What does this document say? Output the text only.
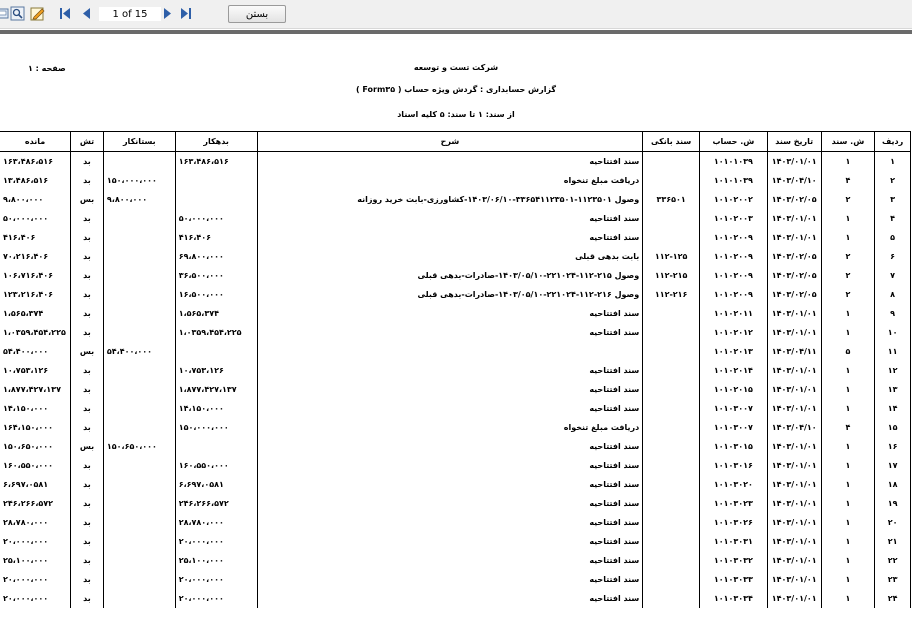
1 of 15
بستن
شرکت تست و توسعه
گزارش حسابداری : گردش ویژه حساب ( Form۳۵ )
از سند: ۱ تا سند: ۵ کلیه اسناد
صفحه : ۱
ردیف	ش. سند	تاریخ سند	ش. حساب	سند بانکی	شرح	بدهکار	بستانکار	تش	مانده
۱	۱	۱۴۰۳/۰۱/۰۱	۱۰۱۰۱۰۳۹		سند افتتاحیه	۱۶۳،۴۸۶،۵۱۶		بد	۱۶۳،۴۸۶،۵۱۶
۲	۴	۱۴۰۳/۰۴/۱۰	۱۰۱۰۱۰۳۹		دریافت مبلغ تنخواه		۱۵۰،۰۰۰،۰۰۰	بد	۱۳،۴۸۶،۵۱۶
۳	۲	۱۴۰۳/۰۲/۰۵	۱۰۱۰۲۰۰۲	۳۳۶۵۰۱	وصول ۱۱۲۳۵۰۱-۳۳۶۵۴۱۱۲۳۵۰۱-۱۴۰۳/۰۶/۱۰-کشاورزی-بابت خرید روزانه		۹،۸۰۰،۰۰۰	بس	۹،۸۰۰،۰۰۰
۴	۱	۱۴۰۳/۰۱/۰۱	۱۰۱۰۲۰۰۳		سند افتتاحیه	۵۰،۰۰۰،۰۰۰		بد	۵۰،۰۰۰،۰۰۰
۵	۱	۱۴۰۳/۰۱/۰۱	۱۰۱۰۲۰۰۹		سند افتتاحیه	۴۱۶،۴۰۶		بد	۴۱۶،۴۰۶
۶	۲	۱۴۰۳/۰۲/۰۵	۱۰۱۰۲۰۰۹	۱۱۲-۱۲۵	بابت بدهی قبلی	۶۹،۸۰۰،۰۰۰		بد	۷۰،۲۱۶،۴۰۶
۷	۲	۱۴۰۳/۰۲/۰۵	۱۰۱۰۲۰۰۹	۱۱۲-۲۱۵	وصول ۲۱۵-۱۱۲-۲۲۱۰۲۴-۱۴۰۳/۰۵/۱۰-صادرات-بدهی قبلی	۳۶،۵۰۰،۰۰۰		بد	۱۰۶،۷۱۶،۴۰۶
۸	۲	۱۴۰۳/۰۲/۰۵	۱۰۱۰۲۰۰۹	۱۱۲-۲۱۶	وصول ۲۱۶-۱۱۲-۲۲۱۰۲۴-۱۴۰۳/۰۵/۱۰-صادرات-بدهی قبلی	۱۶،۵۰۰،۰۰۰		بد	۱۲۳،۲۱۶،۴۰۶
۹	۱	۱۴۰۳/۰۱/۰۱	۱۰۱۰۲۰۱۱		سند افتتاحیه	۱،۵۶۵،۳۷۴		بد	۱،۵۶۵،۳۷۴
۱۰	۱	۱۴۰۳/۰۱/۰۱	۱۰۱۰۲۰۱۲		سند افتتاحیه	۱،۰۳۵۹،۴۵۴،۲۲۵		بد	۱،۰۳۵۹،۴۵۴،۲۲۵
۱۱	۵	۱۴۰۳/۰۴/۱۱	۱۰۱۰۲۰۱۳				۵۴،۴۰۰،۰۰۰	بس	۵۴،۴۰۰،۰۰۰
۱۲	۱	۱۴۰۳/۰۱/۰۱	۱۰۱۰۲۰۱۴		سند افتتاحیه	۱۰،۷۵۳،۱۲۶		بد	۱۰،۷۵۳،۱۲۶
۱۳	۱	۱۴۰۳/۰۱/۰۱	۱۰۱۰۲۰۱۵		سند افتتاحیه	۱،۸۷۷،۴۲۷،۱۳۷		بد	۱،۸۷۷،۴۲۷،۱۳۷
۱۴	۱	۱۴۰۳/۰۱/۰۱	۱۰۱۰۳۰۰۷		سند افتتاحیه	۱۴،۱۵۰،۰۰۰		بد	۱۴،۱۵۰،۰۰۰
۱۵	۴	۱۴۰۳/۰۴/۱۰	۱۰۱۰۳۰۰۷		دریافت مبلغ تنخواه	۱۵۰،۰۰۰،۰۰۰		بد	۱۶۴،۱۵۰،۰۰۰
۱۶	۱	۱۴۰۳/۰۱/۰۱	۱۰۱۰۳۰۱۵		سند افتتاحیه		۱۵۰،۶۵۰،۰۰۰	بس	۱۵۰،۶۵۰،۰۰۰
۱۷	۱	۱۴۰۳/۰۱/۰۱	۱۰۱۰۳۰۱۶		سند افتتاحیه	۱۶۰،۵۵۰،۰۰۰		بد	۱۶۰،۵۵۰،۰۰۰
۱۸	۱	۱۴۰۳/۰۱/۰۱	۱۰۱۰۳۰۲۰		سند افتتاحیه	۶،۶۹۷،۰۵۸۱		بد	۶،۶۹۷،۰۵۸۱
۱۹	۱	۱۴۰۳/۰۱/۰۱	۱۰۱۰۳۰۲۳		سند افتتاحیه	۲۴۶،۲۶۶،۵۷۲		بد	۲۴۶،۲۶۶،۵۷۲
۲۰	۱	۱۴۰۳/۰۱/۰۱	۱۰۱۰۳۰۲۶		سند افتتاحیه	۲۸،۷۸۰،۰۰۰		بد	۲۸،۷۸۰،۰۰۰
۲۱	۱	۱۴۰۳/۰۱/۰۱	۱۰۱۰۳۰۳۱		سند افتتاحیه	۲۰،۰۰۰،۰۰۰		بد	۲۰،۰۰۰،۰۰۰
۲۲	۱	۱۴۰۳/۰۱/۰۱	۱۰۱۰۳۰۳۲		سند افتتاحیه	۲۵،۱۰۰،۰۰۰		بد	۲۵،۱۰۰،۰۰۰
۲۳	۱	۱۴۰۳/۰۱/۰۱	۱۰۱۰۳۰۳۳		سند افتتاحیه	۲۰،۰۰۰،۰۰۰		بد	۲۰،۰۰۰،۰۰۰
۲۴	۱	۱۴۰۳/۰۱/۰۱	۱۰۱۰۳۰۳۴		سند افتتاحیه	۲۰،۰۰۰،۰۰۰		بد	۲۰،۰۰۰،۰۰۰
